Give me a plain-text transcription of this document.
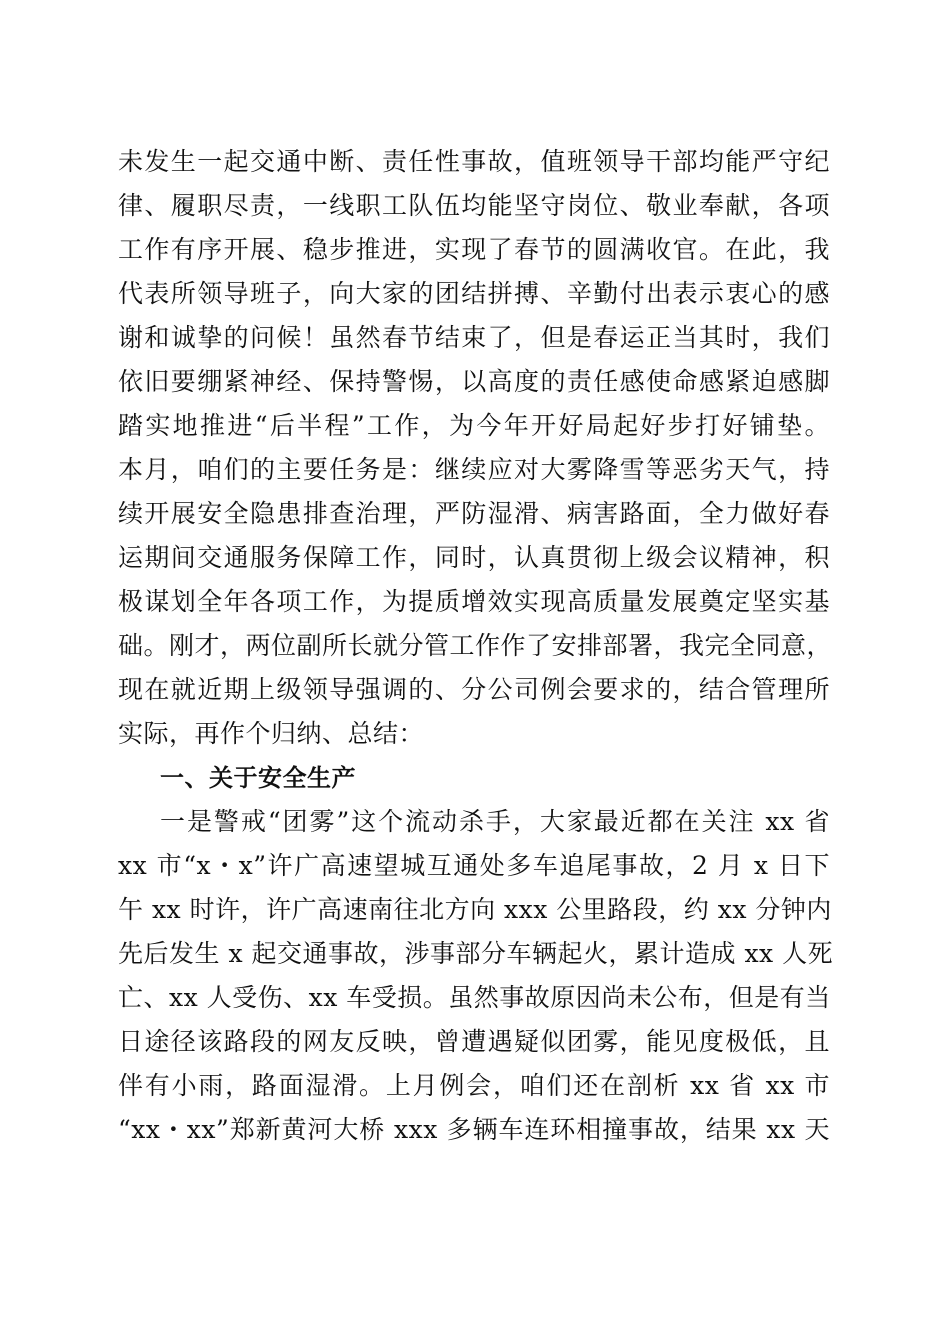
未发生一起交通中断、责任性事故，值班领导干部均能严守纪
律、履职尽责，一线职工队伍均能坚守岗位、敬业奉献，各项
工作有序开展、稳步推进，实现了春节的圆满收官。在此，我
代表所领导班子，向大家的团结拼搏、辛勤付出表示衷心的感
谢和诚挚的问候！虽然春节结束了，但是春运正当其时，我们
依旧要绷紧神经、保持警惕，以高度的责任感使命感紧迫感脚
踏实地推进“后半程”工作，为今年开好局起好步打好铺垫。
本月，咱们的主要任务是：继续应对大雾降雪等恶劣天气，持
续开展安全隐患排查治理，严防湿滑、病害路面，全力做好春
运期间交通服务保障工作，同时，认真贯彻上级会议精神，积
极谋划全年各项工作，为提质增效实现高质量发展奠定坚实基
础。刚才，两位副所长就分管工作作了安排部署，我完全同意，
现在就近期上级领导强调的、分公司例会要求的，结合管理所
实际，再作个归纳、总结：
一、关于安全生产
一是警戒“团雾”这个流动杀手，大家最近都在关注 xx 省
xx 市“x・x”许广高速望城互通处多车追尾事故，2 月 x 日下
午 xx 时许，许广高速南往北方向 xxx 公里路段，约 xx 分钟内
先后发生 x 起交通事故，涉事部分车辆起火，累计造成 xx 人死
亡、xx 人受伤、xx 车受损。虽然事故原因尚未公布，但是有当
日途径该路段的网友反映，曾遭遇疑似团雾，能见度极低，且
伴有小雨，路面湿滑。上月例会，咱们还在剖析 xx 省 xx 市
“xx・xx”郑新黄河大桥 xxx 多辆车连环相撞事故，结果 xx 天
